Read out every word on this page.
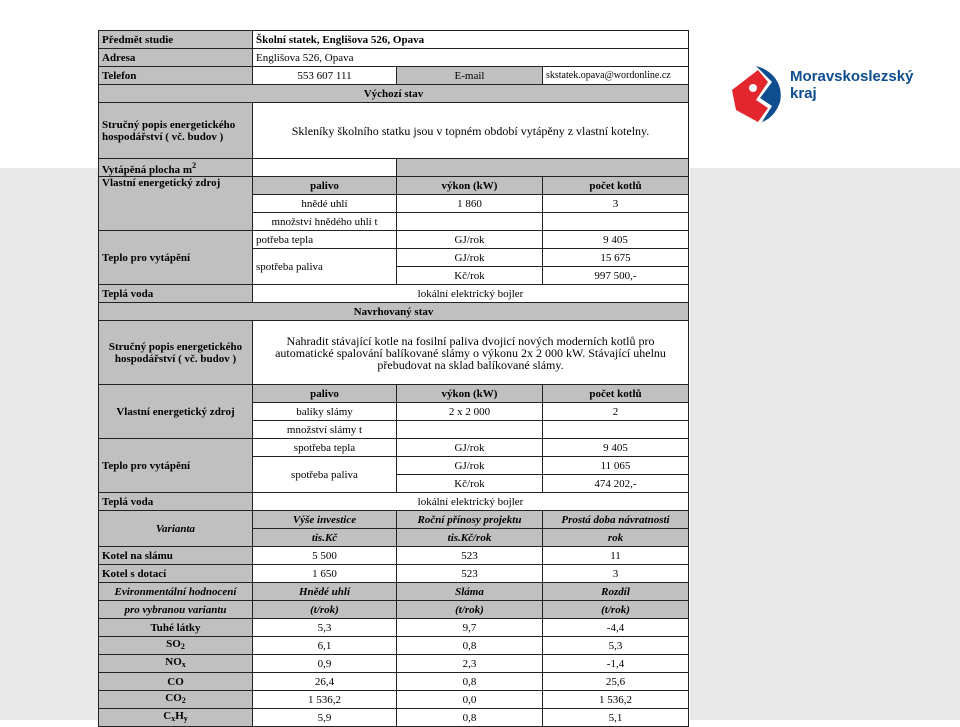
Moravskoslezský
kraj
Předmět studie	Školní statek, Englišova 526, Opava		
Adresa	Englišova 526, Opava		
Telefon	553 607 111	E-mail	skstatek.opava@wordonline.cz
Výchozí stav			
Stručný popis energetického hospodářství ( vč. budov )	Skleníky školního statku jsou v topném období vytápěny z vlastní kotelny.		
Vytápěná plocha $m^2$		
Vlastní energetický zdroj	palivo	výkon (kW)	počet kotlů
	hnědé uhlí	1 860	3
	množství hnědého uhlí t		
Teplo pro vytápění	potřeba tepla	GJ/rok	9 405
	spotřeba paliva	GJ/rok	15 675
		Kč/rok	997 500,-
Teplá voda	lokální elektrický bojler		
Navrhovaný stav			
Stručný popis energetického hospodářství ( vč. budov )	Nahradit stávající kotle na fosilní paliva dvojicí nových moderních kotlů pro automatické spalování balíkované slámy o výkonu 2x 2 000 kW. Stávající uhelnu přebudovat na sklad balíkované slámy.		
Vlastní energetický zdroj	palivo	výkon (kW)	počet kotlů
	balíky slámy	2 x 2 000	2
	množství slámy t		
Teplo pro vytápění	spotřeba tepla	GJ/rok	9 405
	spotřeba paliva	GJ/rok	11 065
		Kč/rok	474 202,-
Teplá voda	lokální elektrický bojler		
Varianta	Výše investice	Roční přínosy projektu	Prostá doba návratnosti
	tis.Kč	tis.Kč/rok	rok
Kotel na slámu	5 500	523	11
Kotel s dotací	1 650	523	3
Evironmentální hodnocení	Hnědé uhlí	Sláma	Rozdíl
pro vybranou variantu	(t/rok)	(t/rok)	(t/rok)
Tuhé látky	5,3	9,7	-4,4
$SO_2$	6,1	0,8	5,3
$NO_x$	0,9	2,3	-1,4
CO	26,4	0,8	25,6
$CO_2$	1 536,2	0,0	1 536,2
$C_xH_y$	5,9	0,8	5,1
